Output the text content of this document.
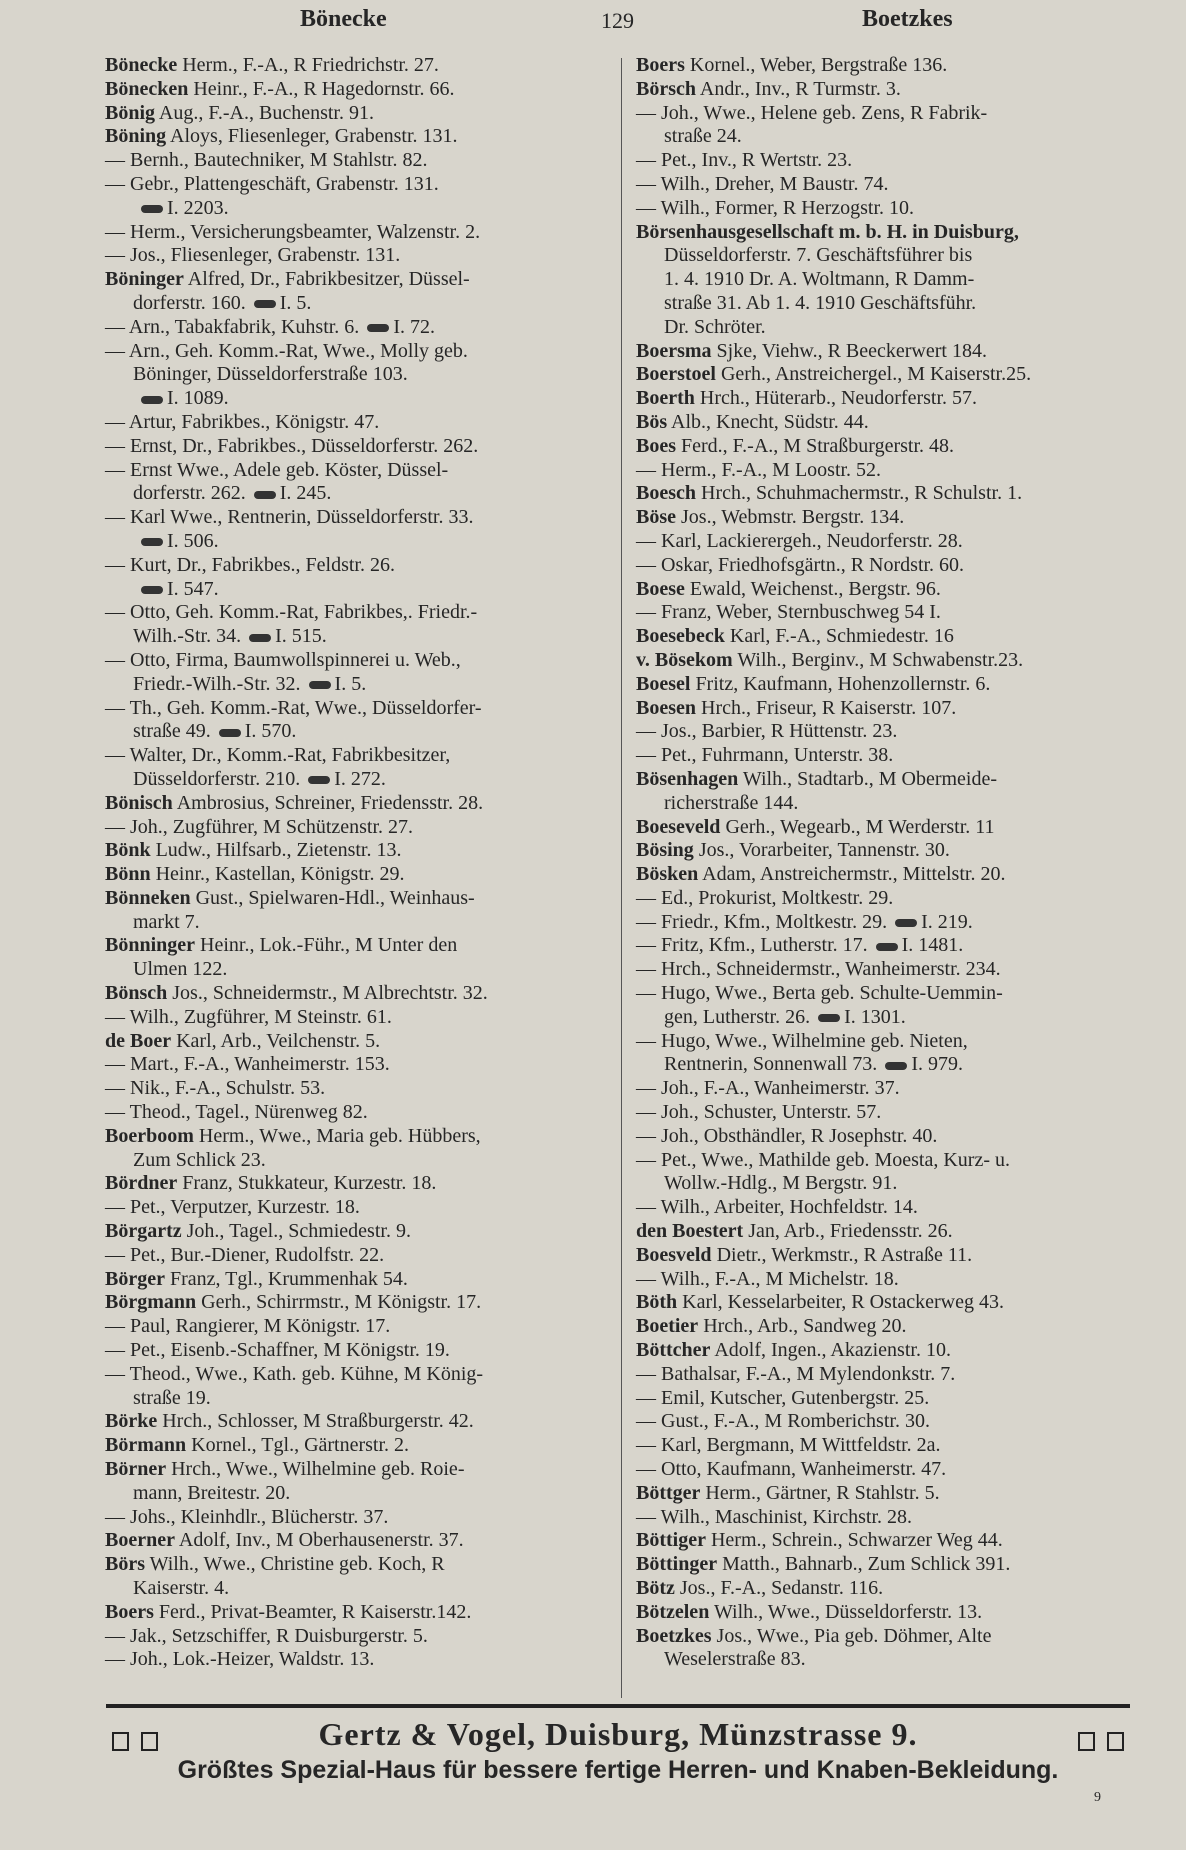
Bönecke	129	Boetzkes
Bönecke Herm., F.-A., R Friedrichstr. 27.
Bönecken Heinr., F.-A., R Hagedornstr. 66.
Bönig Aug., F.-A., Buchenstr. 91.
Böning Aloys, Fliesenleger, Grabenstr. 131.
— Bernh., Bautechniker, M Stahlstr. 82.
— Gebr., Plattengeschäft, Grabenstr. 131.
I. 2203.
— Herm., Versicherungsbeamter, Walzenstr. 2.
— Jos., Fliesenleger, Grabenstr. 131.
Böninger Alfred, Dr., Fabrikbesitzer, Düssel-
dorferstr. 160. I. 5.
— Arn., Tabakfabrik, Kuhstr. 6. I. 72.
— Arn., Geh. Komm.-Rat, Wwe., Molly geb.
Böninger, Düsseldorferstraße 103.
I. 1089.
— Artur, Fabrikbes., Königstr. 47.
— Ernst, Dr., Fabrikbes., Düsseldorferstr. 262.
— Ernst Wwe., Adele geb. Köster, Düssel-
dorferstr. 262. I. 245.
— Karl Wwe., Rentnerin, Düsseldorferstr. 33.
I. 506.
— Kurt, Dr., Fabrikbes., Feldstr. 26.
I. 547.
— Otto, Geh. Komm.-Rat, Fabrikbes,. Friedr.-
Wilh.-Str. 34. I. 515.
— Otto, Firma, Baumwollspinnerei u. Web.,
Friedr.-Wilh.-Str. 32. I. 5.
— Th., Geh. Komm.-Rat, Wwe., Düsseldorfer-
straße 49. I. 570.
— Walter, Dr., Komm.-Rat, Fabrikbesitzer,
Düsseldorferstr. 210. I. 272.
Bönisch Ambrosius, Schreiner, Friedensstr. 28.
— Joh., Zugführer, M Schützenstr. 27.
Bönk Ludw., Hilfsarb., Zietenstr. 13.
Bönn Heinr., Kastellan, Königstr. 29.
Bönneken Gust., Spielwaren-Hdl., Weinhaus-
markt 7.
Bönninger Heinr., Lok.-Führ., M Unter den
Ulmen 122.
Bönsch Jos., Schneidermstr., M Albrechtstr. 32.
— Wilh., Zugführer, M Steinstr. 61.
de Boer Karl, Arb., Veilchenstr. 5.
— Mart., F.-A., Wanheimerstr. 153.
— Nik., F.-A., Schulstr. 53.
— Theod., Tagel., Nürenweg 82.
Boerboom Herm., Wwe., Maria geb. Hübbers,
Zum Schlick 23.
Bördner Franz, Stukkateur, Kurzestr. 18.
— Pet., Verputzer, Kurzestr. 18.
Börgartz Joh., Tagel., Schmiedestr. 9.
— Pet., Bur.-Diener, Rudolfstr. 22.
Börger Franz, Tgl., Krummenhak 54.
Börgmann Gerh., Schirrmstr., M Königstr. 17.
— Paul, Rangierer, M Königstr. 17.
— Pet., Eisenb.-Schaffner, M Königstr. 19.
— Theod., Wwe., Kath. geb. Kühne, M König-
straße 19.
Börke Hrch., Schlosser, M Straßburgerstr. 42.
Börmann Kornel., Tgl., Gärtnerstr. 2.
Börner Hrch., Wwe., Wilhelmine geb. Roie-
mann, Breitestr. 20.
— Johs., Kleinhdlr., Blücherstr. 37.
Boerner Adolf, Inv., M Oberhausenerstr. 37.
Börs Wilh., Wwe., Christine geb. Koch, R
Kaiserstr. 4.
Boers Ferd., Privat-Beamter, R Kaiserstr.142.
— Jak., Setzschiffer, R Duisburgerstr. 5.
— Joh., Lok.-Heizer, Waldstr. 13.
Boers Kornel., Weber, Bergstraße 136.
Börsch Andr., Inv., R Turmstr. 3.
— Joh., Wwe., Helene geb. Zens, R Fabrik-
straße 24.
— Pet., Inv., R Wertstr. 23.
— Wilh., Dreher, M Baustr. 74.
— Wilh., Former, R Herzogstr. 10.
Börsenhausgesellschaft m. b. H. in Duisburg,
Düsseldorferstr. 7. Geschäftsführer bis
1. 4. 1910 Dr. A. Woltmann, R Damm-
straße 31. Ab 1. 4. 1910 Geschäftsführ.
Dr. Schröter.
Boersma Sjke, Viehw., R Beeckerwert 184.
Boerstoel Gerh., Anstreichergel., M Kaiserstr.25.
Boerth Hrch., Hüterarb., Neudorferstr. 57.
Bös Alb., Knecht, Südstr. 44.
Boes Ferd., F.-A., M Straßburgerstr. 48.
— Herm., F.-A., M Loostr. 52.
Boesch Hrch., Schuhmachermstr., R Schulstr. 1.
Böse Jos., Webmstr. Bergstr. 134.
— Karl, Lackierergeh., Neudorferstr. 28.
— Oskar, Friedhofsgärtn., R Nordstr. 60.
Boese Ewald, Weichenst., Bergstr. 96.
— Franz, Weber, Sternbuschweg 54 I.
Boesebeck Karl, F.-A., Schmiedestr. 16
v. Bösekom Wilh., Berginv., M Schwabenstr.23.
Boesel Fritz, Kaufmann, Hohenzollernstr. 6.
Boesen Hrch., Friseur, R Kaiserstr. 107.
— Jos., Barbier, R Hüttenstr. 23.
— Pet., Fuhrmann, Unterstr. 38.
Bösenhagen Wilh., Stadtarb., M Obermeide-
richerstraße 144.
Boeseveld Gerh., Wegearb., M Werderstr. 11
Bösing Jos., Vorarbeiter, Tannenstr. 30.
Bösken Adam, Anstreichermstr., Mittelstr. 20.
— Ed., Prokurist, Moltkestr. 29.
— Friedr., Kfm., Moltkestr. 29. I. 219.
— Fritz, Kfm., Lutherstr. 17. I. 1481.
— Hrch., Schneidermstr., Wanheimerstr. 234.
— Hugo, Wwe., Berta geb. Schulte-Uemmin-
gen, Lutherstr. 26. I. 1301.
— Hugo, Wwe., Wilhelmine geb. Nieten,
Rentnerin, Sonnenwall 73. I. 979.
— Joh., F.-A., Wanheimerstr. 37.
— Joh., Schuster, Unterstr. 57.
— Joh., Obsthändler, R Josephstr. 40.
— Pet., Wwe., Mathilde geb. Moesta, Kurz- u.
Wollw.-Hdlg., M Bergstr. 91.
— Wilh., Arbeiter, Hochfeldstr. 14.
den Boestert Jan, Arb., Friedensstr. 26.
Boesveld Dietr., Werkmstr., R Astraße 11.
— Wilh., F.-A., M Michelstr. 18.
Böth Karl, Kesselarbeiter, R Ostackerweg 43.
Boetier Hrch., Arb., Sandweg 20.
Böttcher Adolf, Ingen., Akazienstr. 10.
— Bathalsar, F.-A., M Mylendonkstr. 7.
— Emil, Kutscher, Gutenbergstr. 25.
— Gust., F.-A., M Romberichstr. 30.
— Karl, Bergmann, M Wittfeldstr. 2a.
— Otto, Kaufmann, Wanheimerstr. 47.
Böttger Herm., Gärtner, R Stahlstr. 5.
— Wilh., Maschinist, Kirchstr. 28.
Böttiger Herm., Schrein., Schwarzer Weg 44.
Böttinger Matth., Bahnarb., Zum Schlick 391.
Bötz Jos., F.-A., Sedanstr. 116.
Bötzelen Wilh., Wwe., Düsseldorferstr. 13.
Boetzkes Jos., Wwe., Pia geb. Döhmer, Alte
Weselerstraße 83.
Gertz & Vogel, Duisburg, Münzstrasse 9.
Größtes Spezial-Haus für bessere fertige Herren- und Knaben-Bekleidung.
9
